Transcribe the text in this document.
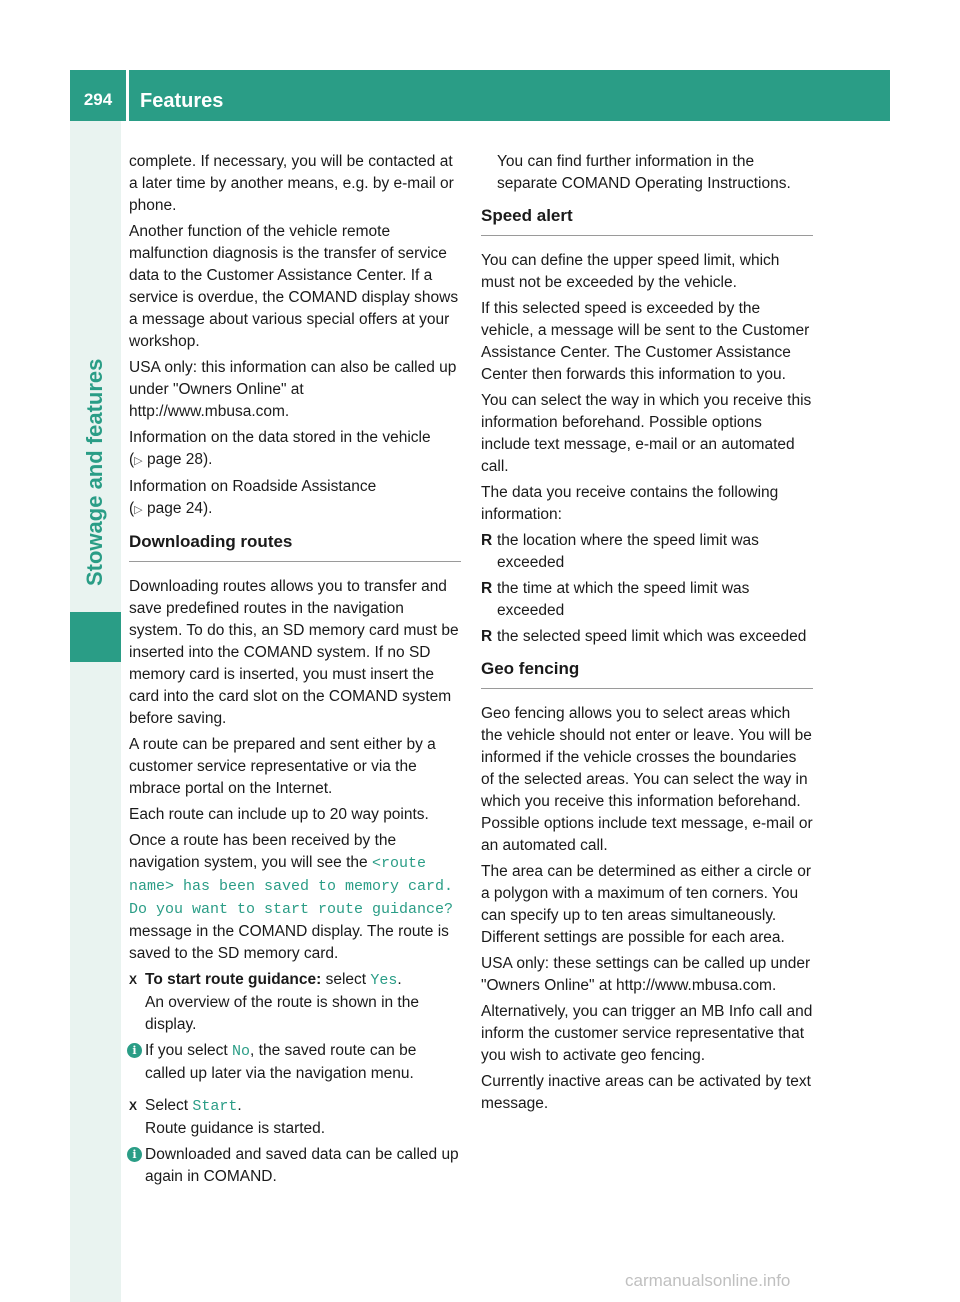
294	Features
Stowage and features

complete. If necessary, you will be contacted at a later time by another means, e.g. by e-mail or phone.

Another function of the vehicle remote malfunction diagnosis is the transfer of service data to the Customer Assistance Center. If a service is overdue, the COMAND display shows a message about various special offers at your workshop.

USA only: this information can also be called up under "Owners Online" at http://www.mbusa.com.

Information on the data stored in the vehicle
(▷ page 28).

Information on Roadside Assistance
(▷ page 24).

Downloading routes

Downloading routes allows you to transfer and save predefined routes in the navigation system. To do this, an SD memory card must be inserted into the COMAND system. If no SD memory card is inserted, you must insert the card into the card slot on the COMAND system before saving.

A route can be prepared and sent either by a customer service representative or via the mbrace portal on the Internet.

Each route can include up to 20 way points.

Once a route has been received by the navigation system, you will see the <route name> has been saved to memory card. Do you want to start route guidance? message in the COMAND display. The route is saved to the SD memory card.

X To start route guidance: select Yes.
An overview of the route is shown in the display.
i If you select No, the saved route can be called up later via the navigation menu.
X Select Start.
Route guidance is started.
i Downloaded and saved data can be called up again in COMAND.

You can find further information in the separate COMAND Operating Instructions.

Speed alert

You can define the upper speed limit, which must not be exceeded by the vehicle.

If this selected speed is exceeded by the vehicle, a message will be sent to the Customer Assistance Center. The Customer Assistance Center then forwards this information to you.

You can select the way in which you receive this information beforehand. Possible options include text message, e-mail or an automated call.

The data you receive contains the following information:

R the location where the speed limit was exceeded
R the time at which the speed limit was exceeded
R the selected speed limit which was exceeded
Geo fencing

Geo fencing allows you to select areas which the vehicle should not enter or leave. You will be informed if the vehicle crosses the boundaries of the selected areas. You can select the way in which you receive this information beforehand. Possible options include text message, e-mail or an automated call.

The area can be determined as either a circle or a polygon with a maximum of ten corners. You can specify up to ten areas simultaneously. Different settings are possible for each area.

USA only: these settings can be called up under "Owners Online" at http://www.mbusa.com.

Alternatively, you can trigger an MB Info call and inform the customer service representative that you wish to activate geo fencing.

Currently inactive areas can be activated by text message.

carmanualsonline.info
